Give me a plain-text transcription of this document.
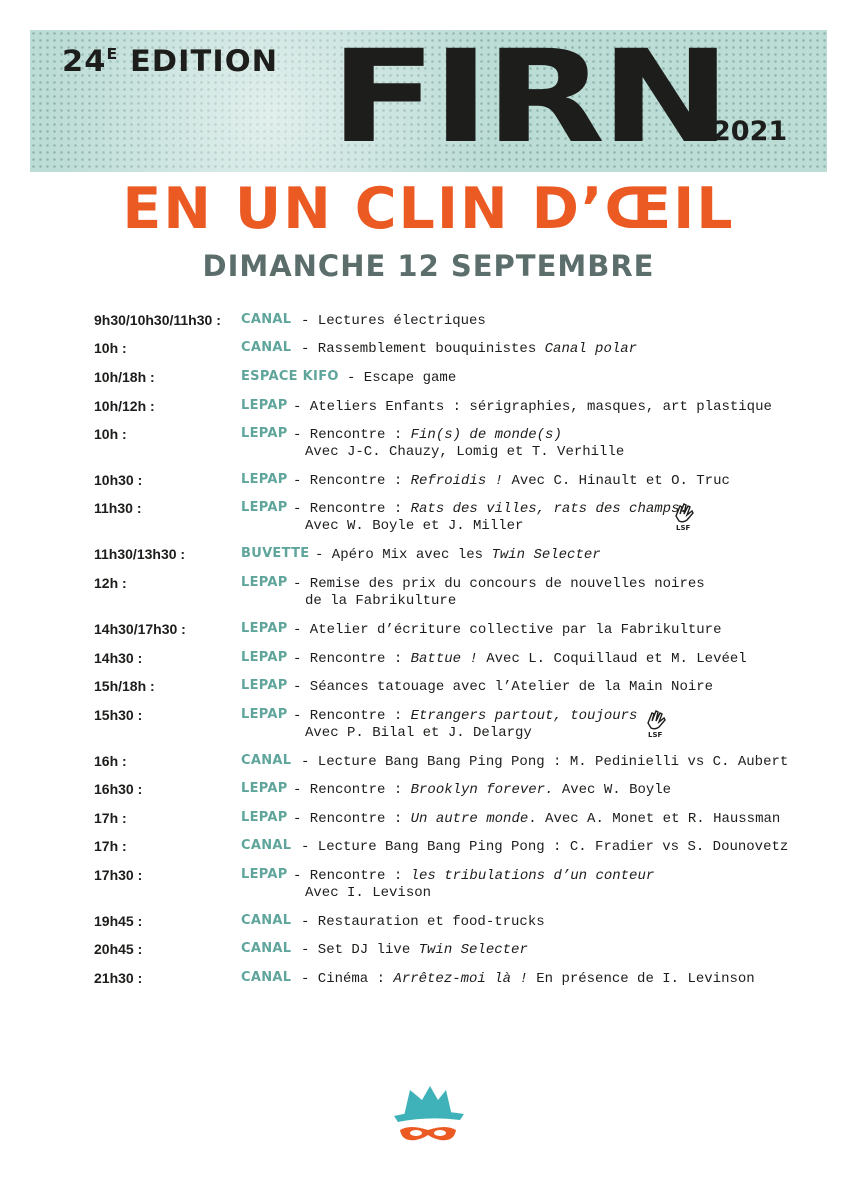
$24^E$ EDITION FIRN
2021
EN UN CLIN D’ŒIL
DIMANCHE 12 SEPTEMBRE
9h30/10h30/11h30 : CANAL - Lectures électriques
10h :	CANAL - Rassemblement bouquinistes Canal polar
10h/18h :	ESPACE KIFO - Escape game
10h/12h :	LEPAP - Ateliers Enfants : sérigraphies, masques, art plastique
10h :	LEPAP - Rencontre : Fin(s) de monde(s)
Avec J-C. Chauzy, Lomig et T. Verhille
10h30 :	LEPAP - Rencontre : Refroidis ! Avec C. Hinault et O. Truc
11h30 :	LEPAP - Rencontre : Rats des villes, rats des champs.
Avec W. Boyle et J. Miller	LSF
11h30/13h30 :	BUVETTE - Apéro Mix avec les Twin Selecter
12h :	LEPAP - Remise des prix du concours de nouvelles noires
de la Fabrikulture
14h30/17h30 :	LEPAP - Atelier d’écriture collective par la Fabrikulture
14h30 :	LEPAP - Rencontre : Battue ! Avec L. Coquillaud et M. Levéel
15h/18h :	LEPAP - Séances tatouage avec l’Atelier de la Main Noire
15h30 :	LEPAP - Rencontre : Etrangers partout, toujours
Avec P. Bilal et J. Delargy	LSF
16h :	CANAL - Lecture Bang Bang Ping Pong : M. Pedinielli vs C. Aubert
16h30 :	LEPAP - Rencontre : Brooklyn forever. Avec W. Boyle
17h :	LEPAP - Rencontre : Un autre monde. Avec A. Monet et R. Haussman
17h :	CANAL - Lecture Bang Bang Ping Pong : C. Fradier vs S. Dounovetz
17h30 :	LEPAP - Rencontre : les tribulations d’un conteur
Avec I. Levison
19h45 :	CANAL - Restauration et food-trucks
20h45 :	CANAL - Set DJ live Twin Selecter
21h30 :	CANAL - Cinéma : Arrêtez-moi là ! En présence de I. Levinson
